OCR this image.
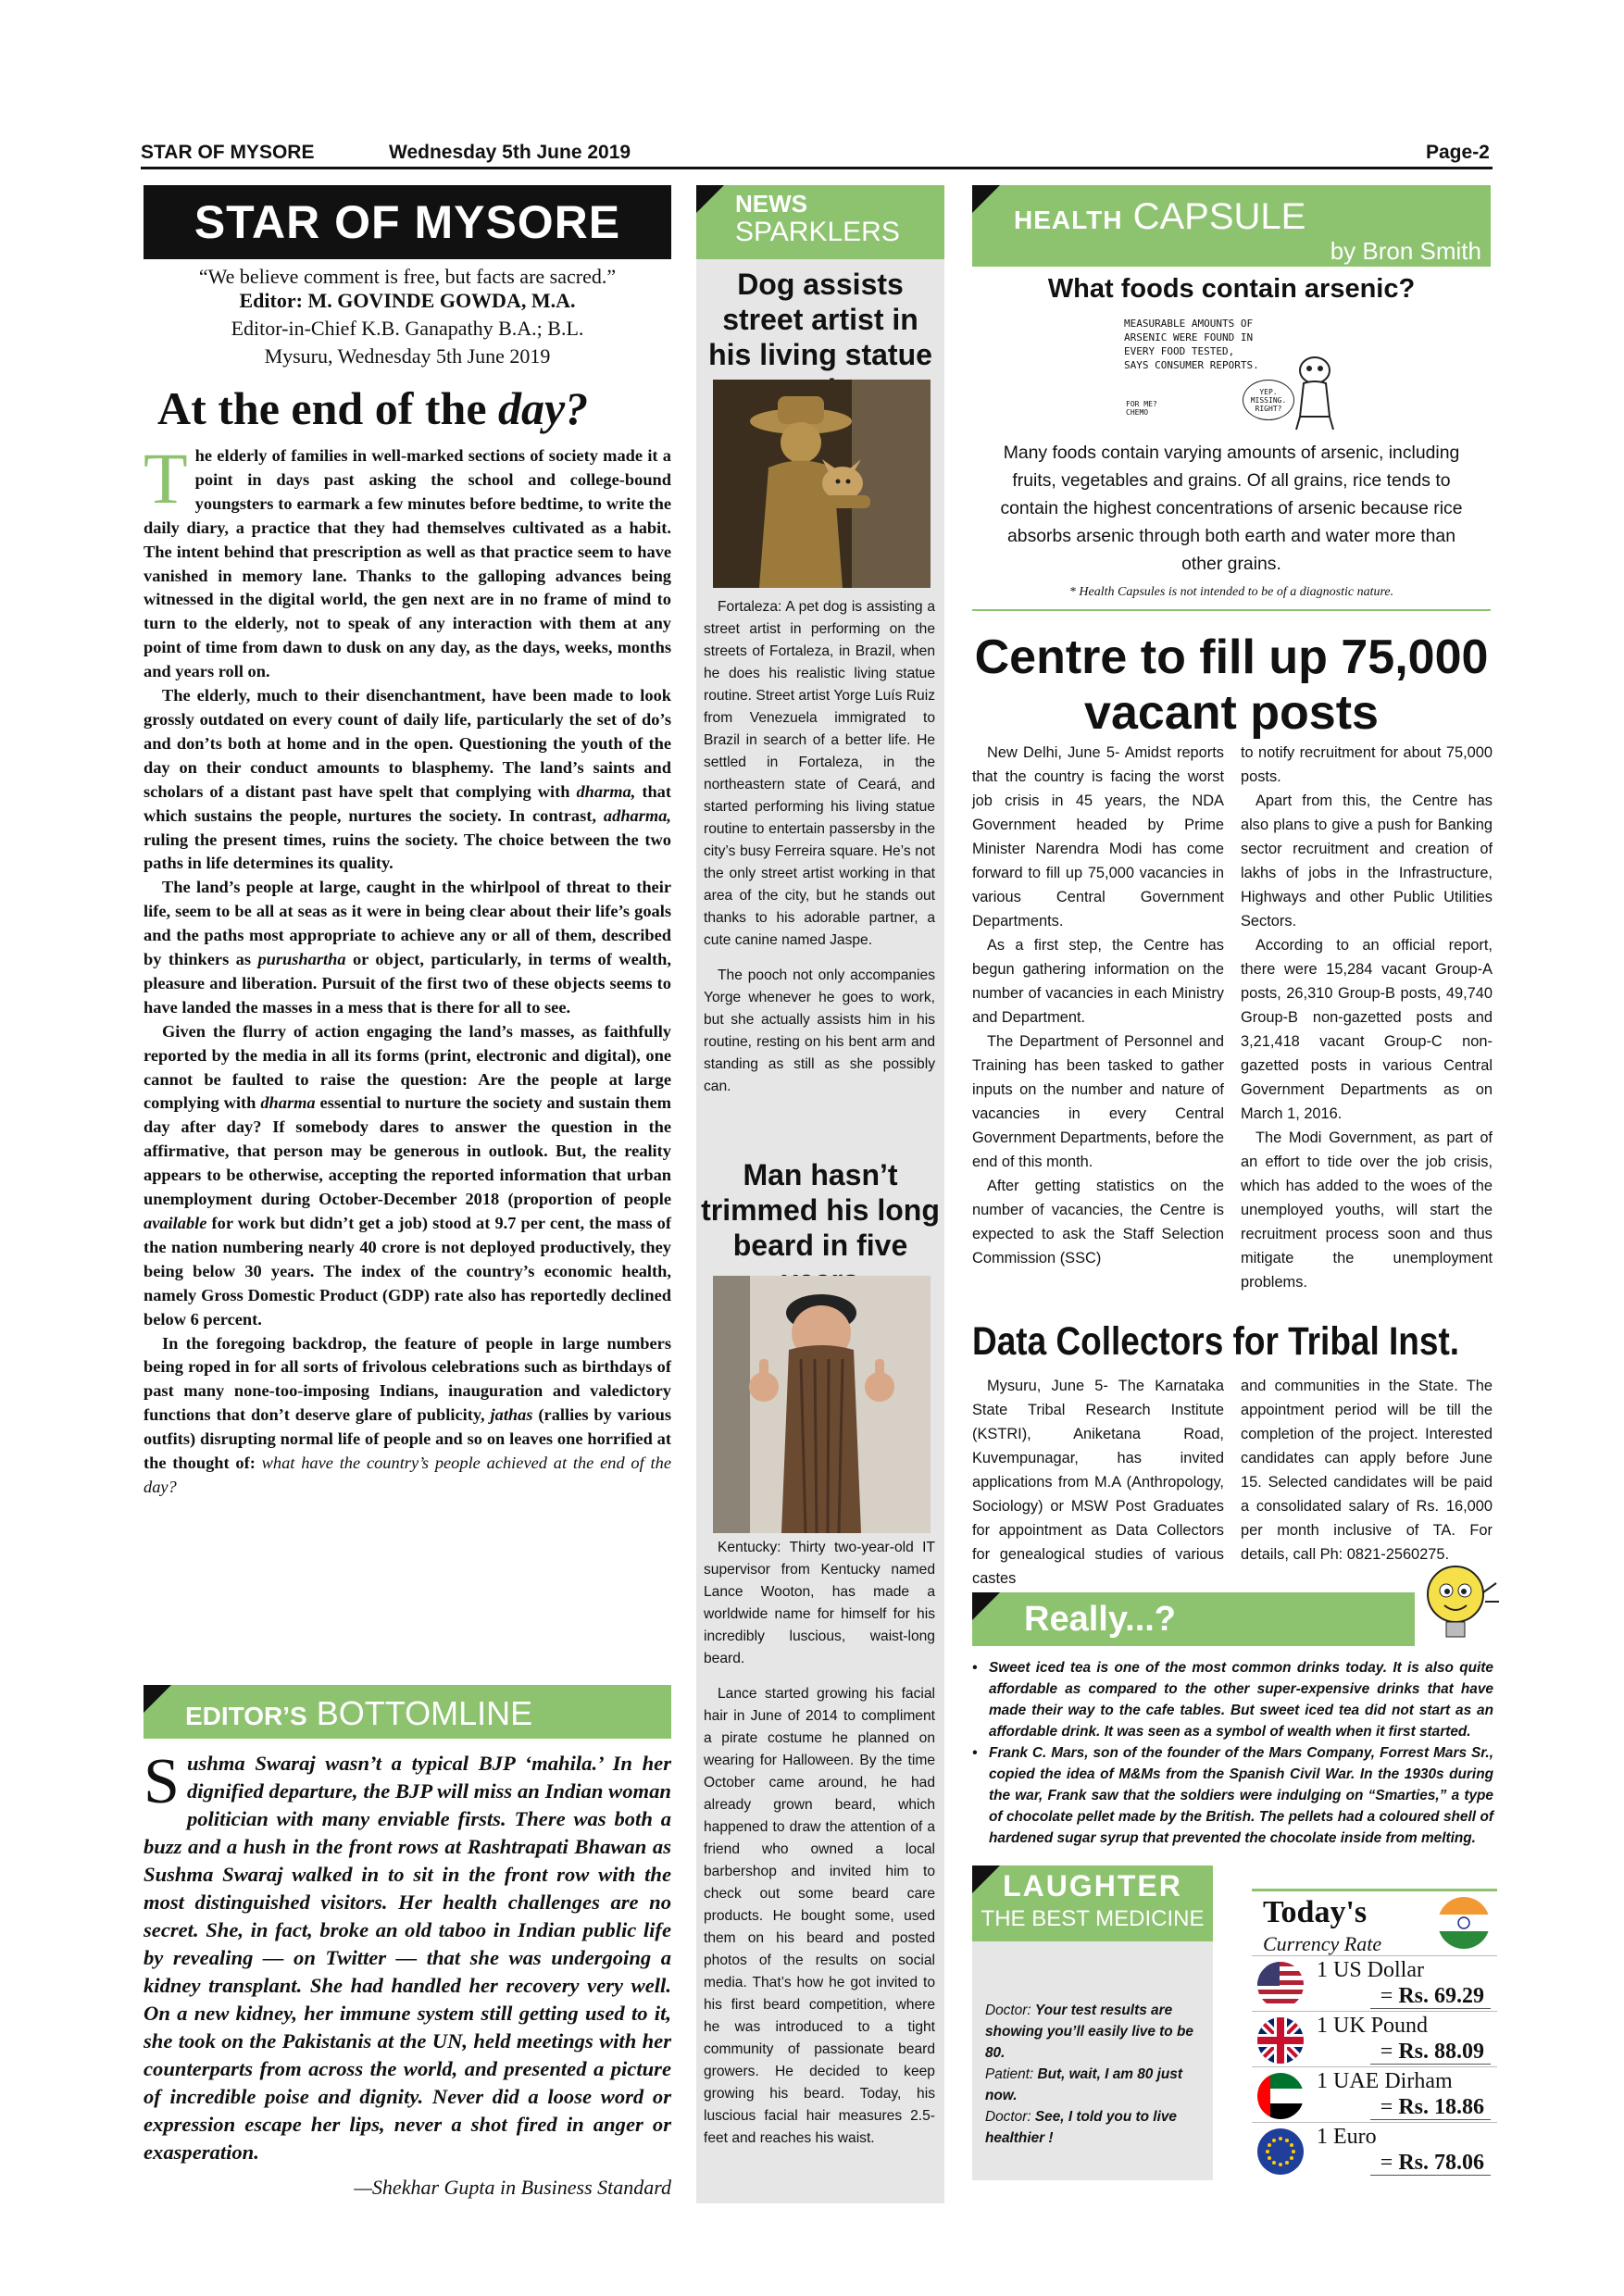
STAR OF MYSORE	Wednesday 5th June 2019	Page-2
STAR OF MYSORE
“We believe comment is free, but facts are sacred.”
Editor: M. GOVINDE GOWDA, M.A.
Editor-in-Chief K.B. Ganapathy B.A.; B.L.
Mysuru, Wednesday 5th June 2019
At the end of the day?

The elderly of families in well-marked sections of society made it a point in days past asking the school and college-bound youngsters to earmark a few minutes before bedtime, to write the daily diary, a practice that they had themselves cultivated as a habit. The intent behind that prescription as well as that practice seem to have vanished in memory lane. Thanks to the galloping advances being witnessed in the digital world, the gen next are in no frame of mind to turn to the elderly, not to speak of any interaction with them at any point of time from dawn to dusk on any day, as the days, weeks, months and years roll on.

The elderly, much to their disenchantment, have been made to look grossly outdated on every count of daily life, particularly the set of do’s and don’ts both at home and in the open. Questioning the youth of the day on their conduct amounts to blasphemy. The land’s saints and scholars of a distant past have spelt that complying with dharma, that which sustains the people, nurtures the society. In contrast, adharma, ruling the present times, ruins the society. The choice between the two paths in life determines its quality.

The land’s people at large, caught in the whirlpool of threat to their life, seem to be all at seas as it were in being clear about their life’s goals and the paths most appropriate to achieve any or all of them, described by thinkers as purushartha or object, particularly, in terms of wealth, pleasure and liberation. Pursuit of the first two of these objects seems to have landed the masses in a mess that is there for all to see.

Given the flurry of action engaging the land’s masses, as faithfully reported by the media in all its forms (print, electronic and digital), one cannot be faulted to raise the question: Are the people at large complying with dharma essential to nurture the society and sustain them day after day? If somebody dares to answer the question in the affirmative, that person may be generous in outlook. But, the reality appears to be otherwise, accepting the reported information that urban unemployment during October-December 2018 (proportion of people available for work but didn’t get a job) stood at 9.7 per cent, the mass of the nation numbering nearly 40 crore is not deployed productively, they being below 30 years. The index of the country’s economic health, namely Gross Domestic Product (GDP) rate also has reportedly declined below 6 percent.

In the foregoing backdrop, the feature of people in large numbers being roped in for all sorts of frivolous celebrations such as birthdays of past many none-too-imposing Indians, inauguration and valedictory functions that don’t deserve glare of publicity, jathas (rallies by various outfits) disrupting normal life of people and so on leaves one horrified at the thought of: what have the country’s people achieved at the end of the day?

EDITOR’S BOTTOMLINE
Sushma Swaraj wasn’t a typical BJP ‘mahila.’ In her dignified departure, the BJP will miss an Indian woman politician with many enviable firsts. There was both a buzz and a hush in the front rows at Rashtrapati Bhawan as Sushma Swaraj walked in to sit in the front row with the most distinguished visitors. Her health challenges are no secret. She, in fact, broke an old taboo in Indian public life by revealing — on Twitter — that she was undergoing a kidney transplant. She had handled her recovery very well. On a new kidney, her immune system still getting used to it, she took on the Pakistanis at the UN, held meetings with her counterparts from across the world, and presented a picture of incredible poise and dignity. Never did a loose word or expression escape her lips, never a shot fired in anger or exasperation.
—Shekhar Gupta in Business Standard
NEWS
SPARKLERS
Dog assists street artist in his living statue

Fortaleza: A pet dog is assisting a street artist in performing on the streets of Fortaleza, in Brazil, when he does his realistic living statue routine. Street artist Yorge Luís Ruiz from Venezuela immigrated to Brazil in search of a better life. He settled in Fortaleza, in the northeastern state of Ceará, and started performing his living statue routine to entertain passersby in the city’s busy Ferreira square. He’s not the only street artist working in that area of the city, but he stands out thanks to his adorable partner, a cute canine named Jaspe.

The pooch not only accompanies Yorge whenever he goes to work, but she actually assists him in his routine, resting on his bent arm and standing as still as she possibly can.

Man hasn’t trimmed his long beard in five

Kentucky: Thirty two-year-old IT supervisor from Kentucky named Lance Wooton, has made a worldwide name for himself for his incredibly luscious, waist-long beard.

Lance started growing his facial hair in June of 2014 to compliment a pirate costume he planned on wearing for Halloween. By the time October came around, he had already grown beard, which happened to draw the attention of a friend who owned a local barbershop and invited him to check out some beard care products. He bought some, used them on his beard and posted photos of the results on social media. That’s how he got invited to his first beard competition, where he was introduced to a tight community of passionate beard growers. He decided to keep growing his beard. Today, his luscious facial hair measures 2.5-feet and reaches his waist.

HEALTH CAPSULE
by Bron Smith
What foods contain arsenic?
MEASURABLE AMOUNTS OF ARSENIC WERE FOUND IN EVERY FOOD TESTED, SAYS CONSUMER REPORTS.
YEP. MISSING. RIGHT?
FOR ME? CHEMO
Many foods contain varying amounts of arsenic, including fruits, vegetables and grains. Of all grains, rice tends to contain the highest concentrations of arsenic because rice absorbs arsenic through both earth and water more than other grains.
* Health Capsules is not intended to be of a diagnostic nature.
Centre to fill up 75,000 vacant posts

New Delhi, June 5- Amidst reports that the country is facing the worst job crisis in 45 years, the NDA Government headed by Prime Minister Narendra Modi has come forward to fill up 75,000 vacancies in various Central Government Departments.

As a first step, the Centre has begun gathering information on the number of vacancies in each Ministry and Department.

The Department of Personnel and Training has been tasked to gather inputs on the number and nature of vacancies in every Central Government Departments, before the end of this month.

After getting statistics on the number of vacancies, the Centre is expected to ask the Staff Selection Commission (SSC)

to notify recruitment for about 75,000 posts.

Apart from this, the Centre has also plans to give a push for Banking sector recruitment and creation of lakhs of jobs in the Infrastructure, Highways and other Public Utilities Sectors.

According to an official report, there were 15,284 vacant Group-A posts, 26,310 Group-B posts, 49,740 Group-B non-gazetted posts and 3,21,418 vacant Group-C non-gazetted posts in various Central Government Departments as on March 1, 2016.

The Modi Government, as part of an effort to tide over the job crisis, which has added to the woes of the unemployed youths, will start the recruitment process soon and thus mitigate the unemployment problems.

Data Collectors for Tribal Inst.

Mysuru, June 5- The Karnataka State Tribal Research Institute (KSTRI), Aniketana Road, Kuvempunagar, has invited applications from M.A (Anthropology, Sociology) or MSW Post Graduates for appointment as Data Collectors for genealogical studies of various castes

and communities in the State. The appointment period will be till the completion of the project. Interested candidates can apply before June 15. Selected candidates will be paid a consolidated salary of Rs. 16,000 per month inclusive of TA. For details, call Ph: 0821-2560275.

Really...?
• Sweet iced tea is one of the most common drinks today. It is also quite affordable as compared to the other super-expensive drinks that have made their way to the cafe tables. But sweet iced tea did not start as an affordable drink. It was seen as a symbol of wealth when it first started.
• Frank C. Mars, son of the founder of the Mars Company, Forrest Mars Sr., copied the idea of M&Ms from the Spanish Civil War. In the 1930s during the war, Frank saw that the soldiers were indulging on “Smarties,” a type of chocolate pellet made by the British. The pellets had a coloured shell of hardened sugar syrup that prevented the chocolate inside from melting.
LAUGHTER
THE BEST MEDICINE
Doctor: Your test results are showing you’ll easily live to be 80.
Patient: But, wait, I am 80 just now.
Doctor: See, I told you to live healthier !
Today's
Currency Rate
1 US Dollar
= Rs. 69.29
1 UK Pound
= Rs. 88.09
1 UAE Dirham
= Rs. 18.86
1 Euro
= Rs. 78.06
